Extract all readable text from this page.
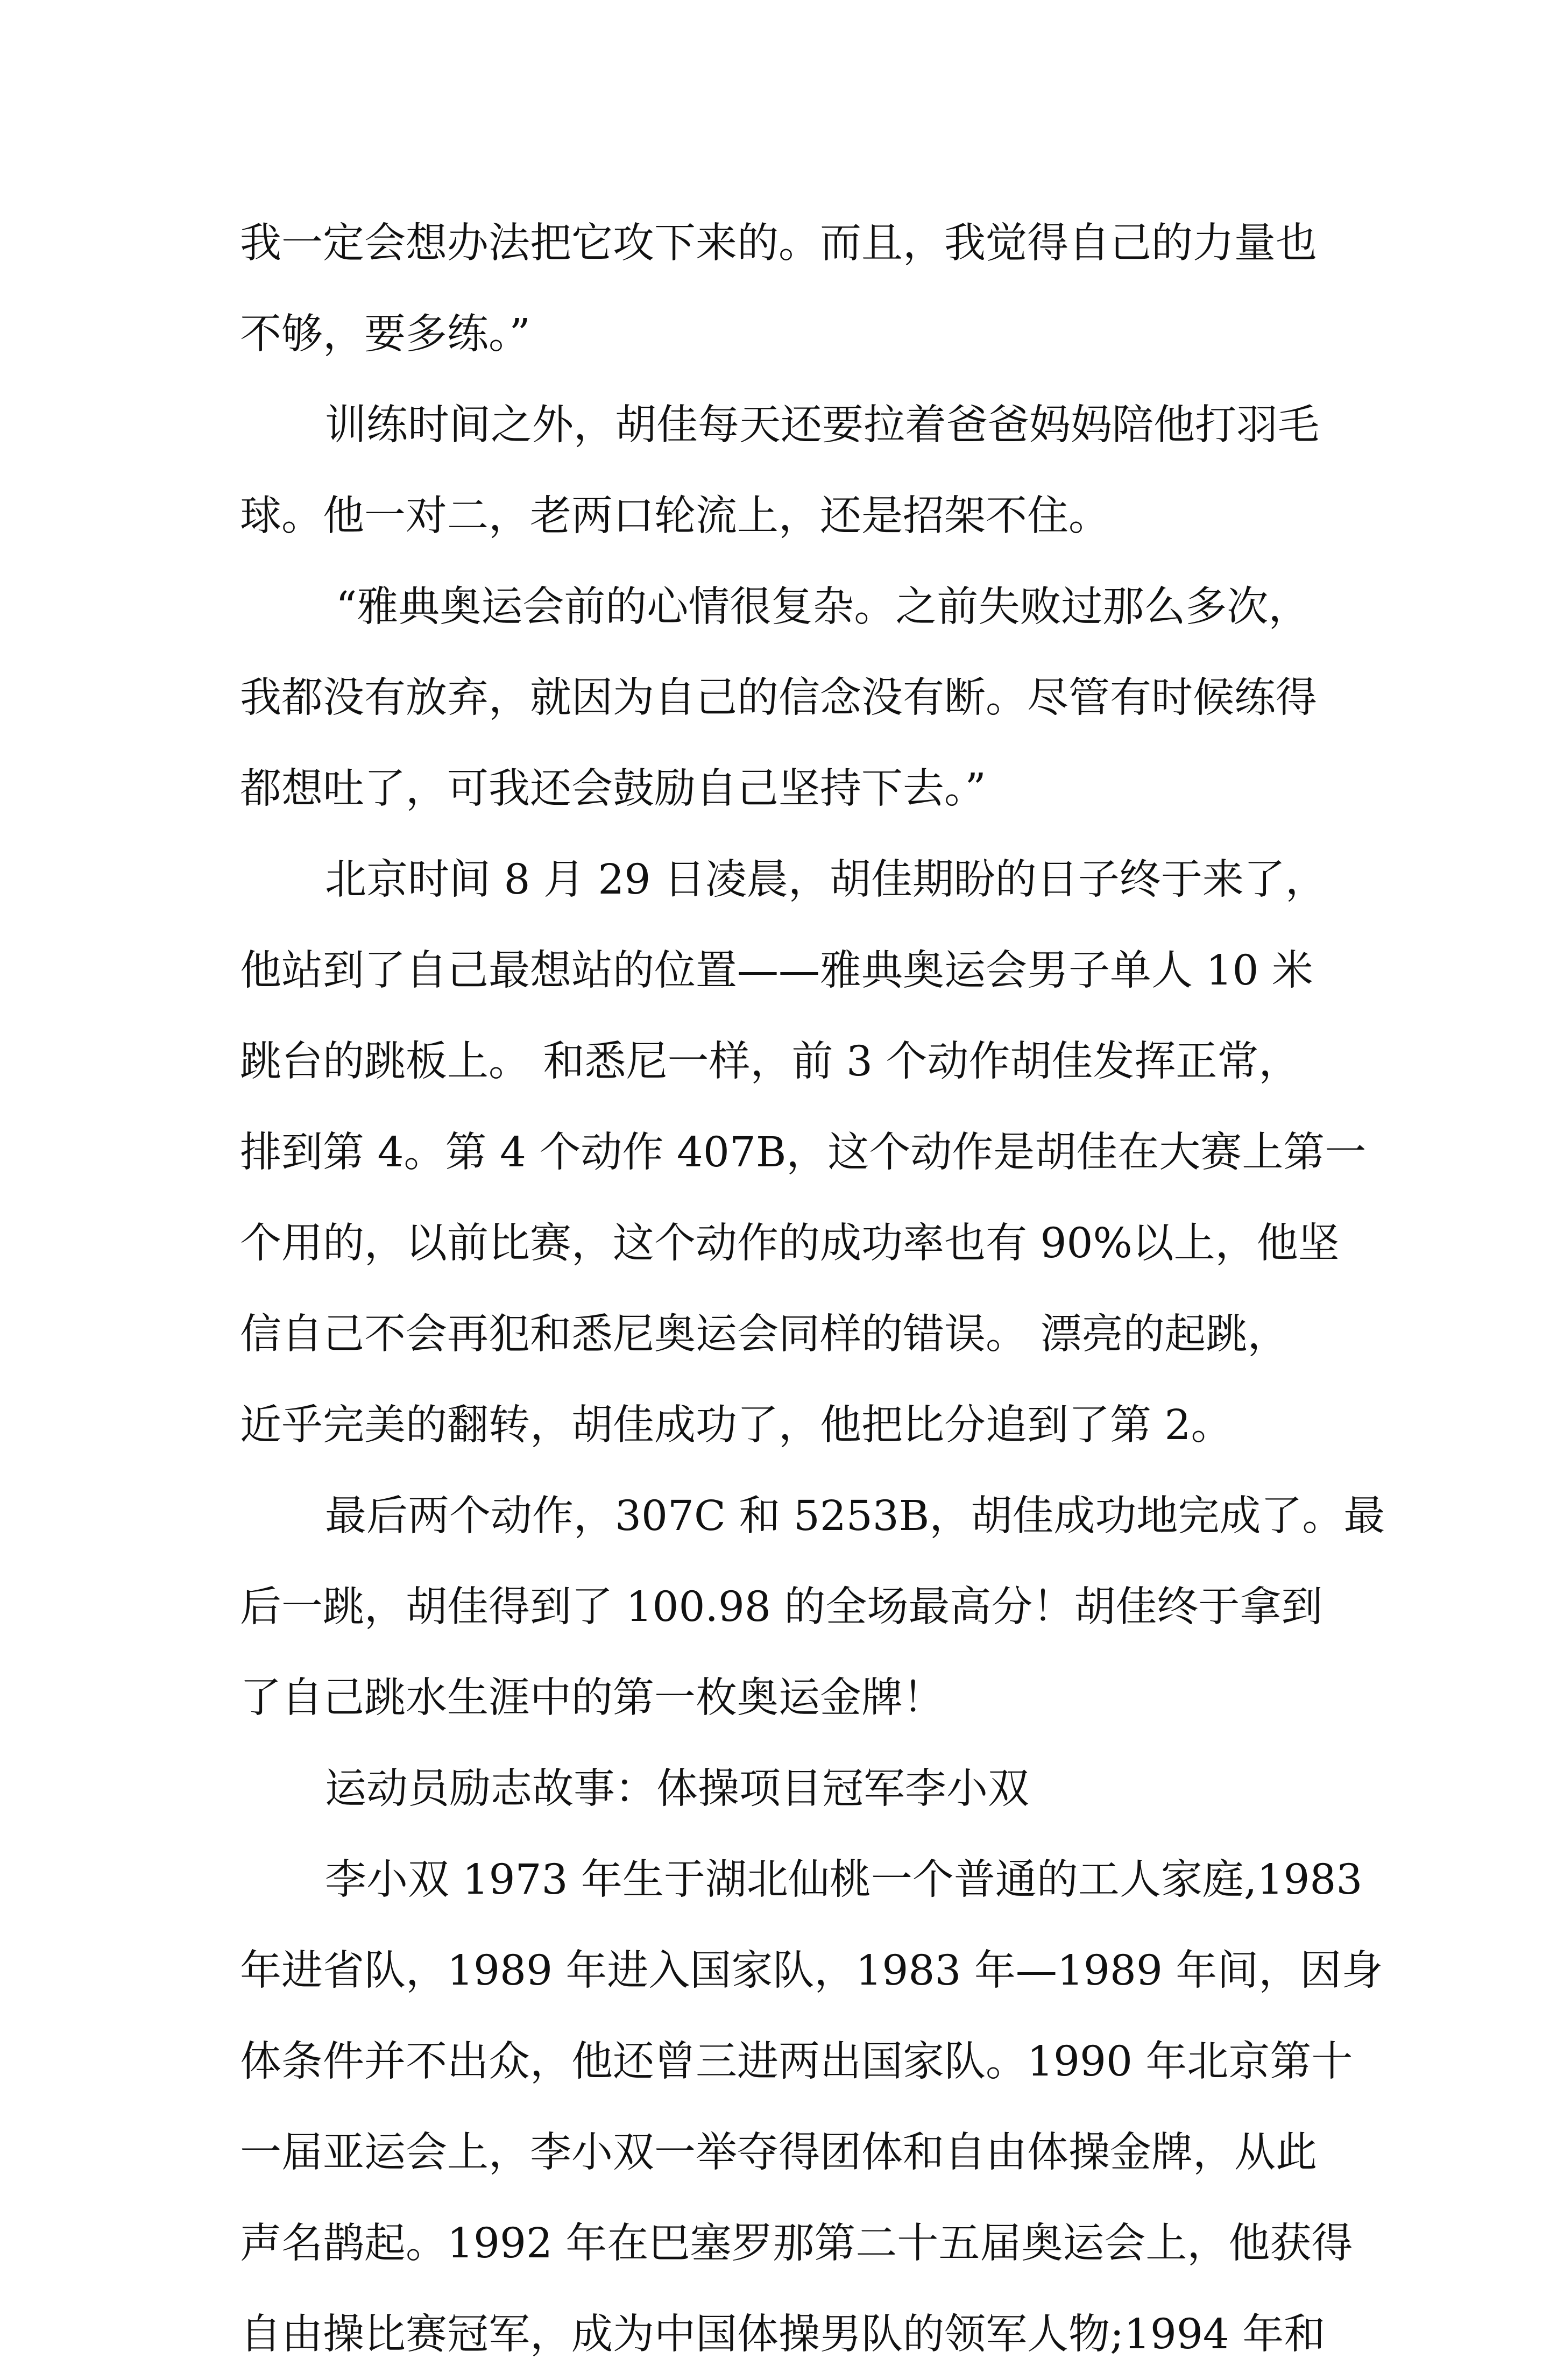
我一定会想办法把它攻下来的。而且，我觉得自己的力量也
不够，要多练。”
训练时间之外，胡佳每天还要拉着爸爸妈妈陪他打羽毛
球。他一对二，老两口轮流上，还是招架不住。
“雅典奥运会前的心情很复杂。之前失败过那么多次，
我都没有放弃，就因为自己的信念没有断。尽管有时候练得
都想吐了，可我还会鼓励自己坚持下去。”
北京时间 8 月 29 日凌晨，胡佳期盼的日子终于来了，
他站到了自己最想站的位置——雅典奥运会男子单人 10 米
跳台的跳板上。 和悉尼一样，前 3 个动作胡佳发挥正常，
排到第 4。第 4 个动作 407B，这个动作是胡佳在大赛上第一
个用的，以前比赛，这个动作的成功率也有 90%以上，他坚
信自己不会再犯和悉尼奥运会同样的错误。 漂亮的起跳，
近乎完美的翻转，胡佳成功了，他把比分追到了第 2。
最后两个动作，307C 和 5253B，胡佳成功地完成了。最
后一跳，胡佳得到了 100.98 的全场最高分！胡佳终于拿到
了自己跳水生涯中的第一枚奥运金牌！
运动员励志故事：体操项目冠军李小双
李小双 1973 年生于湖北仙桃一个普通的工人家庭,1983
年进省队，1989 年进入国家队，1983 年—1989 年间，因身
体条件并不出众，他还曾三进两出国家队。1990 年北京第十
一届亚运会上，李小双一举夺得团体和自由体操金牌，从此
声名鹊起。1992 年在巴塞罗那第二十五届奥运会上，他获得
自由操比赛冠军，成为中国体操男队的领军人物;1994 年和
